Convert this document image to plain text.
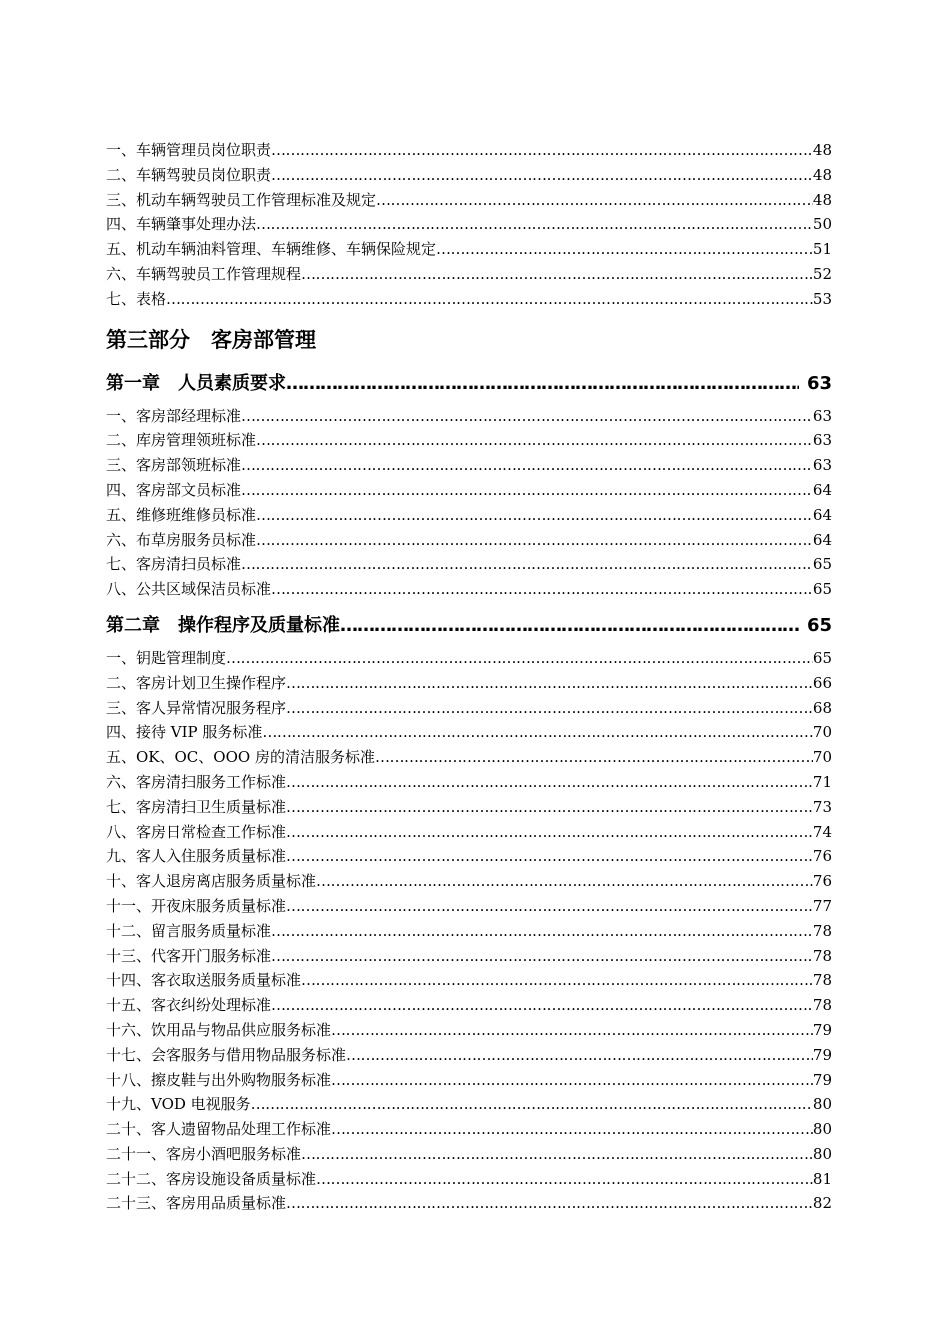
一、车辆管理员岗位职责 ………………………………………………………………………………………………………………………………………………………………………………	48
二、车辆驾驶员岗位职责 ………………………………………………………………………………………………………………………………………………………………………………	48
三、机动车辆驾驶员工作管理标准及规定 ………………………………………………………………………………………………………………………………………………………………………………	48
四、车辆肇事处理办法 ………………………………………………………………………………………………………………………………………………………………………………	50
五、机动车辆油料管理、车辆维修、车辆保险规定 ………………………………………………………………………………………………………………………………………………………………………………	51
六、车辆驾驶员工作管理规程 ………………………………………………………………………………………………………………………………………………………………………………	52
七、表格 ………………………………………………………………………………………………………………………………………………………………………………	53
第三部分　客房部管理
第一章　人员素质要求 ………………………………………………………………………………………………………………………………………………	63
一、客房部经理标准 ………………………………………………………………………………………………………………………………………………………………………………	63
二、库房管理领班标准 ………………………………………………………………………………………………………………………………………………………………………………	63
三、客房部领班标准 ………………………………………………………………………………………………………………………………………………………………………………	63
四、客房部文员标准 ………………………………………………………………………………………………………………………………………………………………………………	64
五、维修班维修员标准 ………………………………………………………………………………………………………………………………………………………………………………	64
六、布草房服务员标准 ………………………………………………………………………………………………………………………………………………………………………………	64
七、客房清扫员标准 ………………………………………………………………………………………………………………………………………………………………………………	65
八、公共区域保洁员标准 ………………………………………………………………………………………………………………………………………………………………………………	65
第二章　操作程序及质量标准 ………………………………………………………………………………………………………………………………………………	65
一、钥匙管理制度 ………………………………………………………………………………………………………………………………………………………………………………	65
二、客房计划卫生操作程序 ………………………………………………………………………………………………………………………………………………………………………………	66
三、客人异常情况服务程序 ………………………………………………………………………………………………………………………………………………………………………………	68
四、接待 VIP 服务标准 ………………………………………………………………………………………………………………………………………………………………………………	70
五、OK、OC、OOO 房的清洁服务标准 ………………………………………………………………………………………………………………………………………………………………………………	70
六、客房清扫服务工作标准 ………………………………………………………………………………………………………………………………………………………………………………	71
七、客房清扫卫生质量标准 ………………………………………………………………………………………………………………………………………………………………………………	73
八、客房日常检查工作标准 ………………………………………………………………………………………………………………………………………………………………………………	74
九、客人入住服务质量标准 ………………………………………………………………………………………………………………………………………………………………………………	76
十、客人退房离店服务质量标准 ………………………………………………………………………………………………………………………………………………………………………………	76
十一、开夜床服务质量标准 ………………………………………………………………………………………………………………………………………………………………………………	77
十二、留言服务质量标准 ………………………………………………………………………………………………………………………………………………………………………………	78
十三、代客开门服务标准 ………………………………………………………………………………………………………………………………………………………………………………	78
十四、客衣取送服务质量标准 ………………………………………………………………………………………………………………………………………………………………………………	78
十五、客衣纠纷处理标准 ………………………………………………………………………………………………………………………………………………………………………………	78
十六、饮用品与物品供应服务标准 ………………………………………………………………………………………………………………………………………………………………………………	79
十七、会客服务与借用物品服务标准 ………………………………………………………………………………………………………………………………………………………………………………	79
十八、擦皮鞋与出外购物服务标准 ………………………………………………………………………………………………………………………………………………………………………………	79
十九、VOD 电视服务 ………………………………………………………………………………………………………………………………………………………………………………	80
二十、客人遗留物品处理工作标准 ………………………………………………………………………………………………………………………………………………………………………………	80
二十一、客房小酒吧服务标准 ………………………………………………………………………………………………………………………………………………………………………………	80
二十二、客房设施设备质量标准 ………………………………………………………………………………………………………………………………………………………………………………	81
二十三、客房用品质量标准 ………………………………………………………………………………………………………………………………………………………………………………	82
